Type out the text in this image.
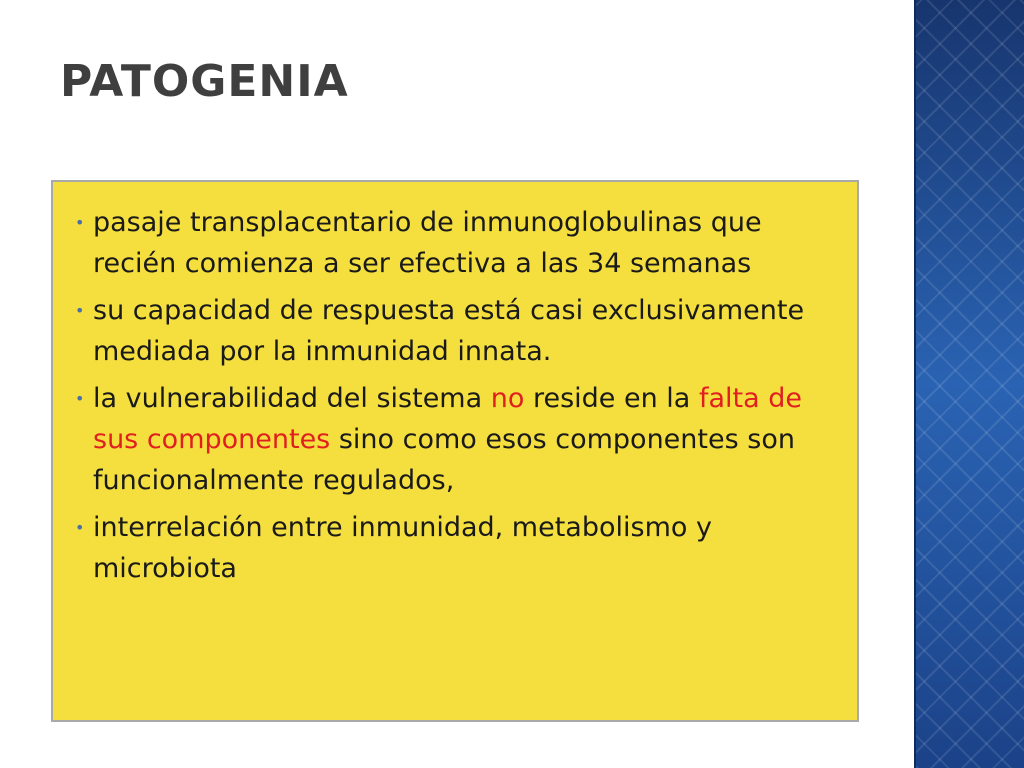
PATOGENIA
• pasaje transplacentario de inmunoglobulinas que recién comienza a ser efectiva a las 34 semanas
• su capacidad de respuesta está casi exclusivamente mediada por la inmunidad innata.
• la vulnerabilidad del sistema no reside en la falta de sus componentes sino como esos componentes son funcionalmente regulados,
• interrelación entre inmunidad, metabolismo y microbiota
